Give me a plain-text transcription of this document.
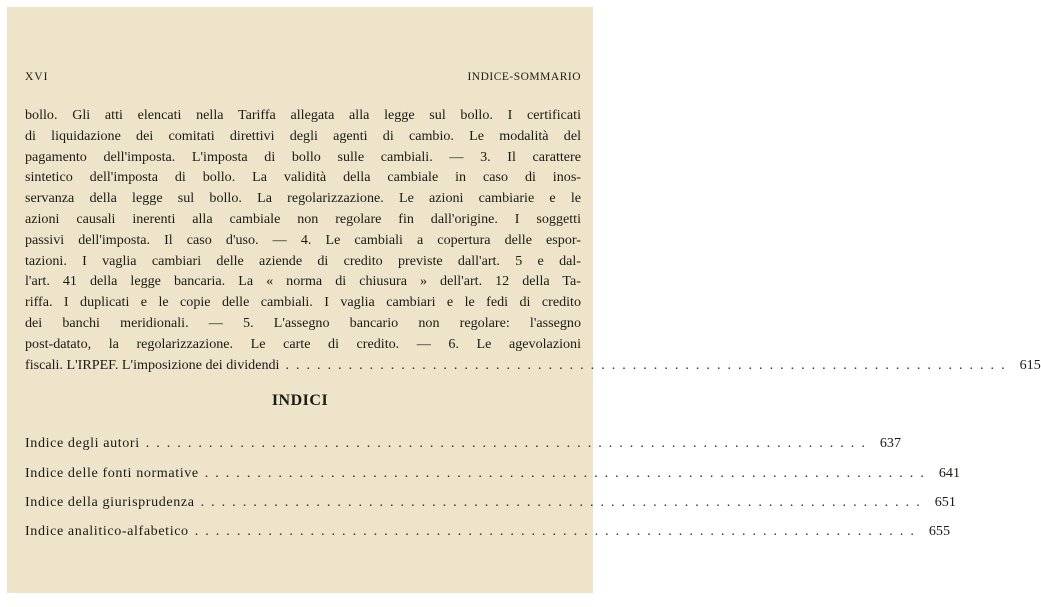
XVI	INDICE-SOMMARIO
bollo. Gli atti elencati nella Tariffa allegata alla legge sul bollo. I certificati
di liquidazione dei comitati direttivi degli agenti di cambio. Le modalità del
pagamento dell'imposta. L'imposta di bollo sulle cambiali. — 3. Il carattere
sintetico dell'imposta di bollo. La validità della cambiale in caso di inos-
servanza della legge sul bollo. La regolarizzazione. Le azioni cambiarie e le
azioni causali inerenti alla cambiale non regolare fin dall'origine. I soggetti
passivi dell'imposta. Il caso d'uso. — 4. Le cambiali a copertura delle espor-
tazioni. I vaglia cambiari delle aziende di credito previste dall'art. 5 e dal-
l'art. 41 della legge bancaria. La « norma di chiusura » dell'art. 12 della Ta-
riffa. I duplicati e le copie delle cambiali. I vaglia cambiari e le fedi di credito
dei banchi meridionali. — 5. L'assegno bancario non regolare: l'assegno
post-datato, la regolarizzazione. Le carte di credito. — 6. Le agevolazioni
fiscali. L'IRPEF. L'imposizione dei dividendi ..................................................................... 615
INDICI
Indice degli autori ..................................................................... 637
Indice delle fonti normative ..................................................................... 641
Indice della giurisprudenza ..................................................................... 651
Indice analitico-alfabetico ..................................................................... 655
